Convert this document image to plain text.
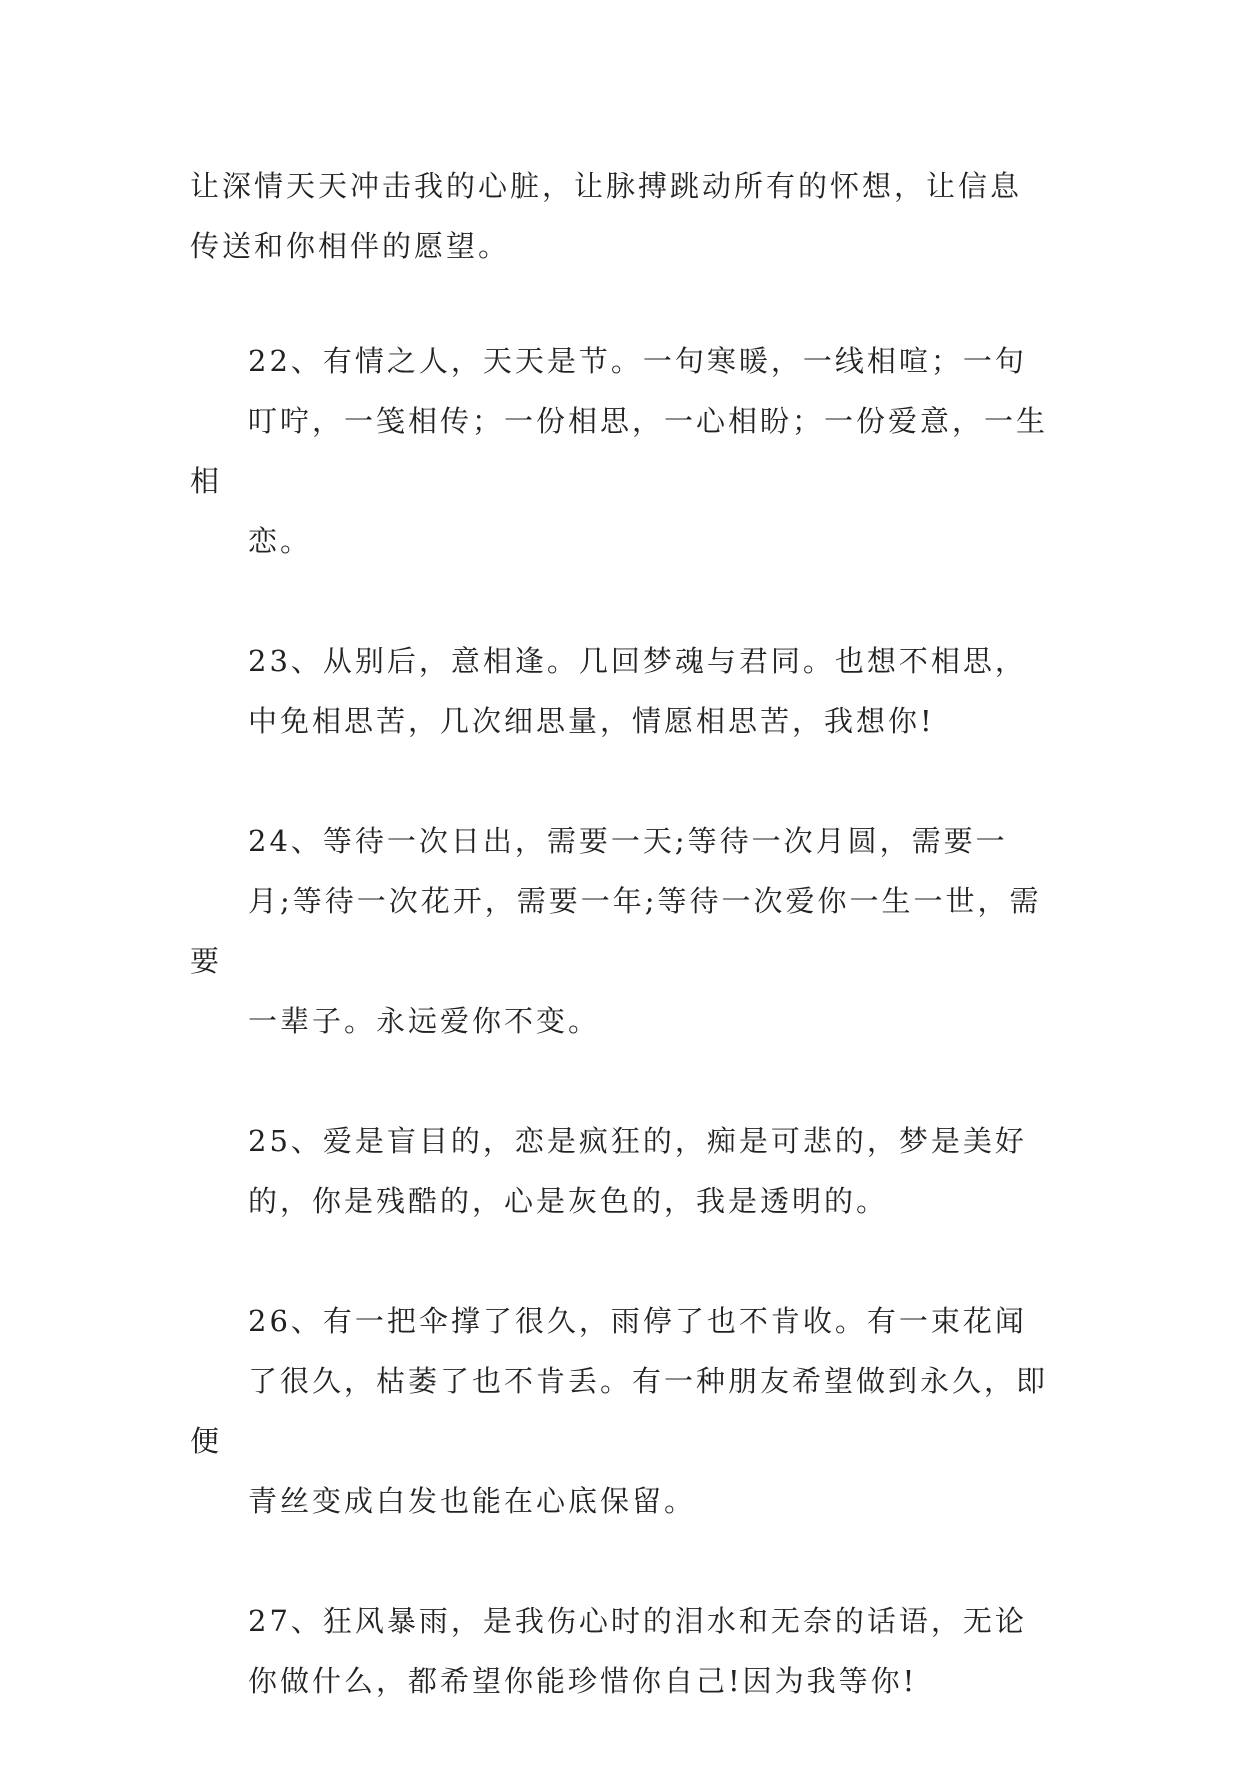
让深情天天冲击我的心脏，让脉搏跳动所有的怀想，让信息
传送和你相伴的愿望。

22、有情之人，天天是节。一句寒暖，一线相喧；一句
叮咛，一笺相传；一份相思，一心相盼；一份爱意，一生相
恋。

23、从别后，意相逢。几回梦魂与君同。也想不相思，
中免相思苦，几次细思量，情愿相思苦，我想你!

24、等待一次日出，需要一天;等待一次月圆，需要一
月;等待一次花开，需要一年;等待一次爱你一生一世，需要
一辈子。永远爱你不变。

25、爱是盲目的，恋是疯狂的，痴是可悲的，梦是美好
的，你是残酷的，心是灰色的，我是透明的。

26、有一把伞撑了很久，雨停了也不肯收。有一束花闻
了很久，枯萎了也不肯丢。有一种朋友希望做到永久，即便
青丝变成白发也能在心底保留。

27、狂风暴雨，是我伤心时的泪水和无奈的话语，无论
你做什么，都希望你能珍惜你自己!因为我等你!
